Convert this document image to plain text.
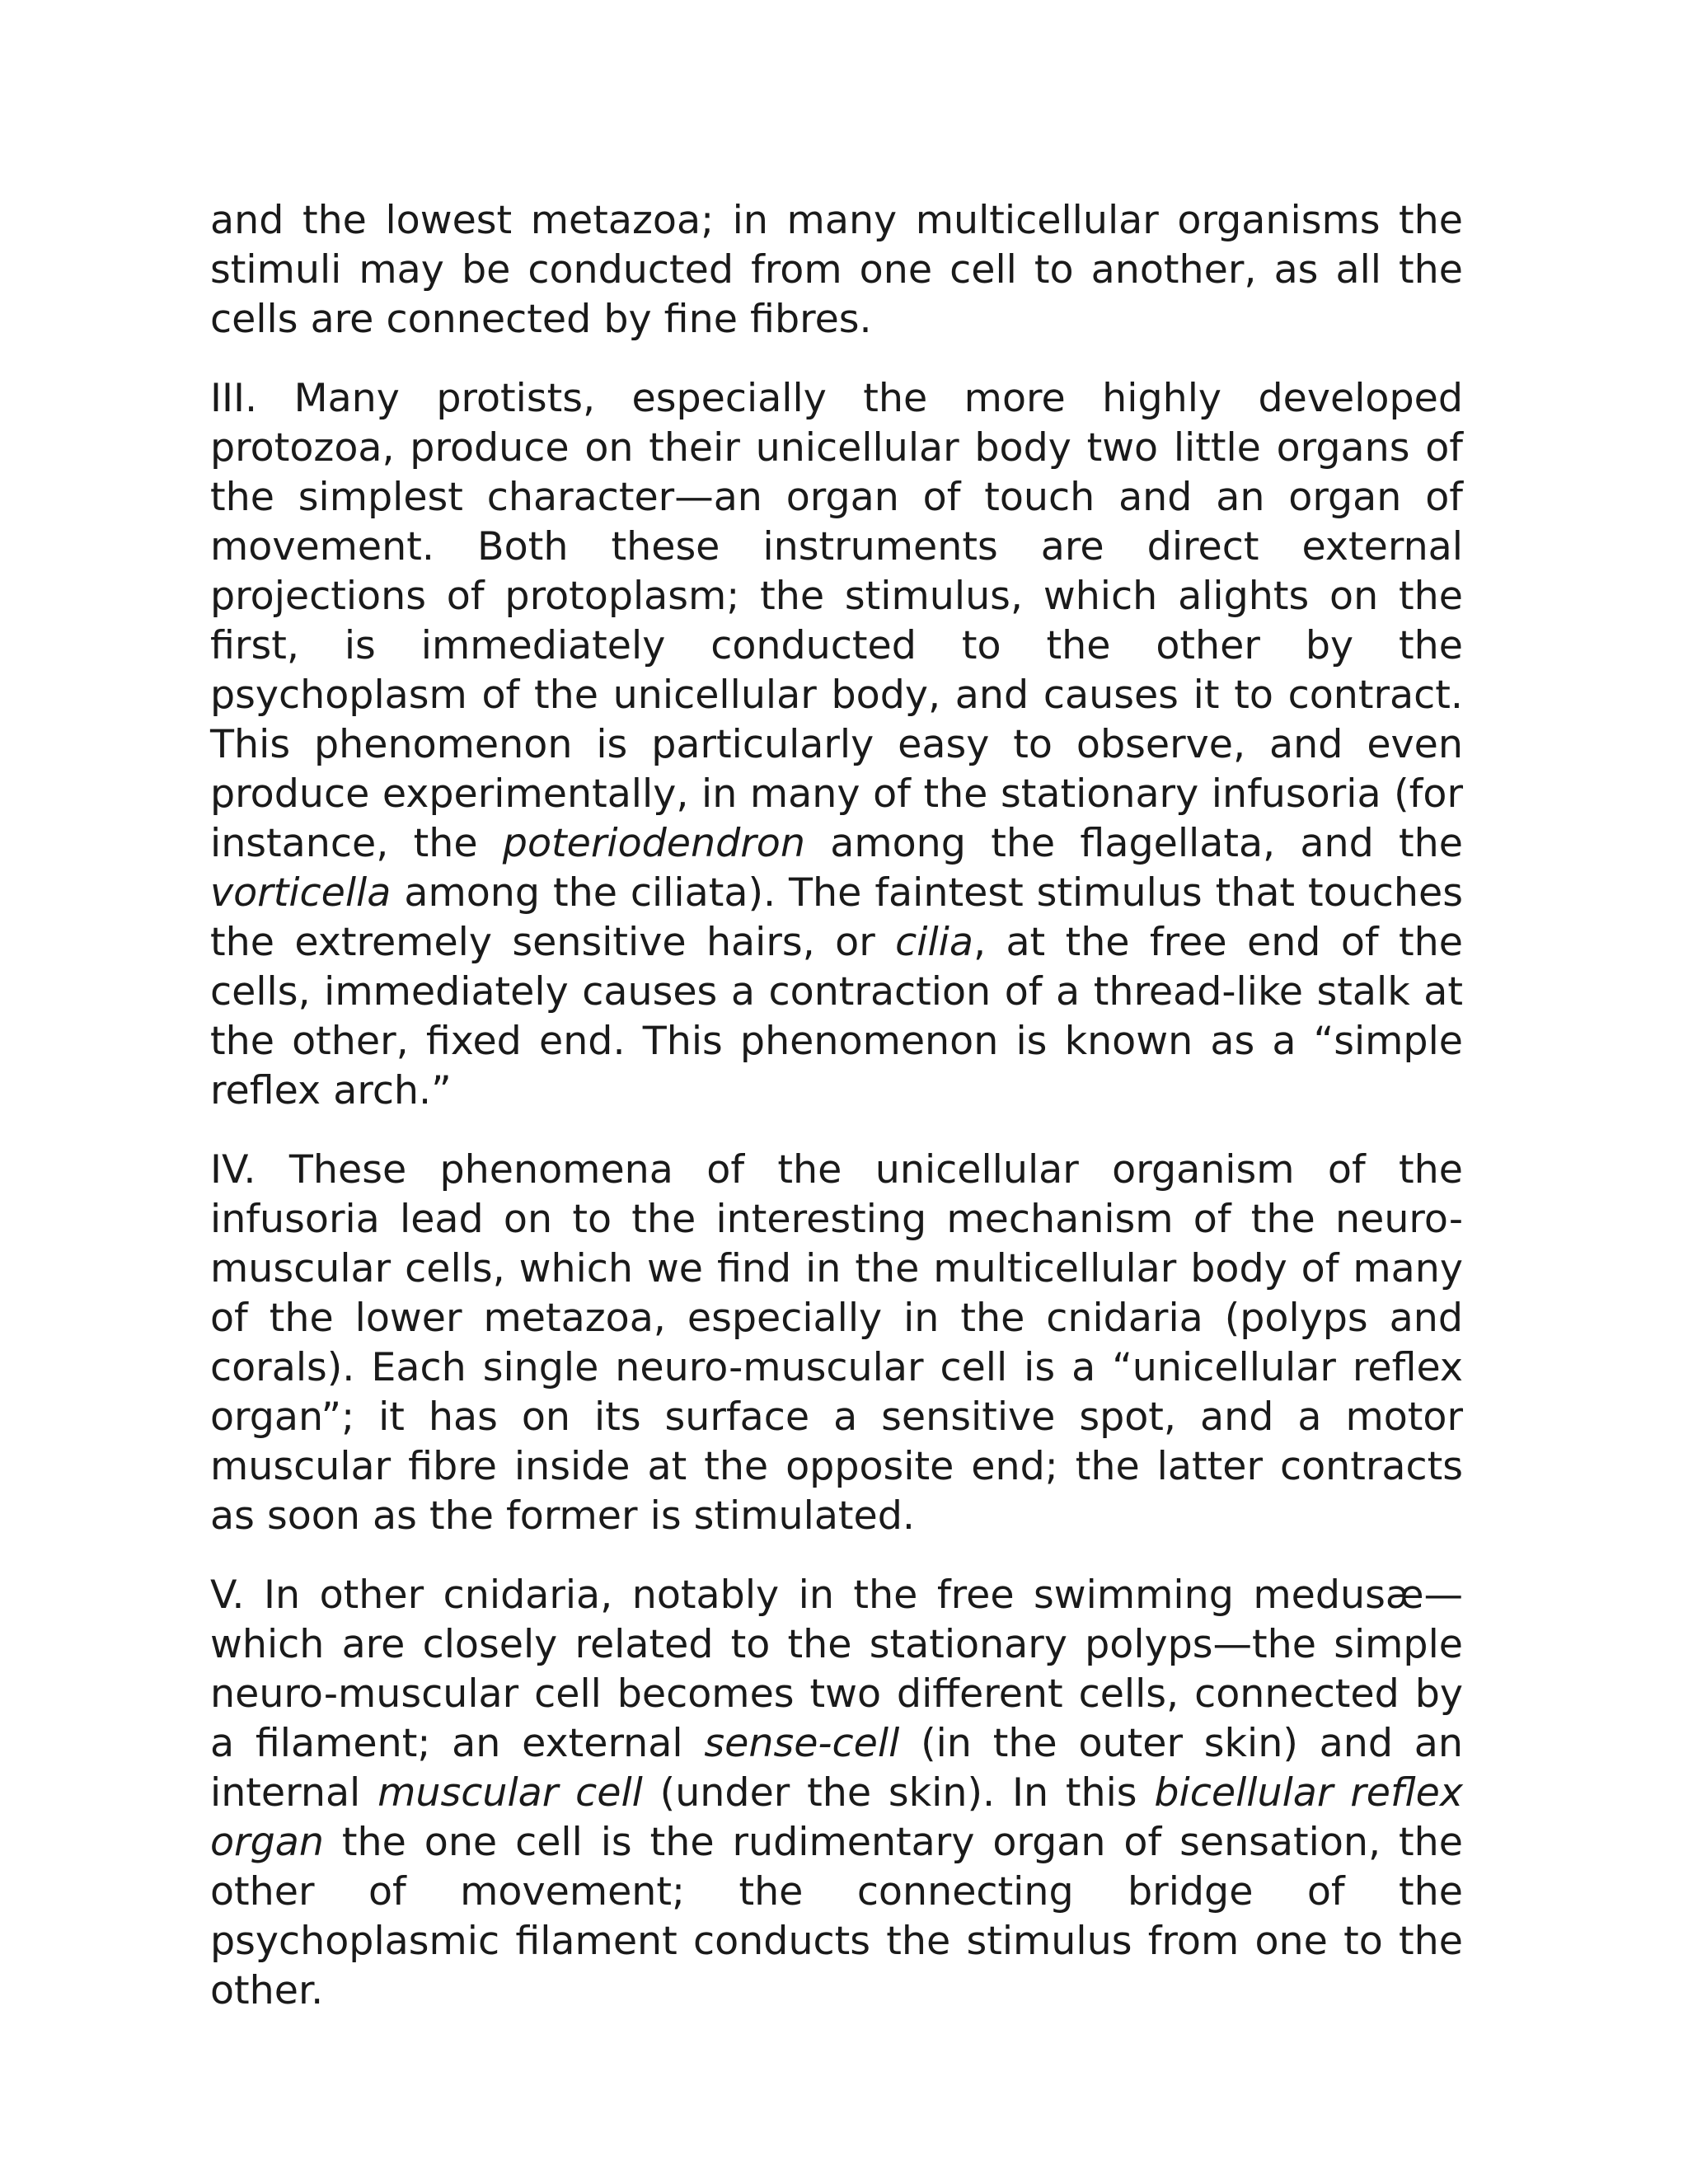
and the lowest metazoa; in many multicellular organisms the stimuli may be conducted from one cell to another, as all the cells are connected by fine fibres.

III. Many protists, especially the more highly developed protozoa, produce on their unicellular body two little organs of the simplest character—an organ of touch and an organ of movement. Both these instruments are direct external projections of protoplasm; the stimulus, which alights on the first, is immediately conducted to the other by the psychoplasm of the unicellular body, and causes it to contract. This phenomenon is particularly easy to observe, and even produce experimentally, in many of the stationary infusoria (for instance, the poteriodendron among the flagellata, and the vorticella among the ciliata). The faintest stimulus that touches the extremely sensitive hairs, or cilia, at the free end of the cells, immediately causes a contraction of a thread-like stalk at the other, fixed end. This phenomenon is known as a “simple reflex arch.”

IV. These phenomena of the unicellular organism of the infusoria lead on to the interesting mechanism of the neuro-muscular cells, which we find in the multicellular body of many of the lower metazoa, especially in the cnidaria (polyps and corals). Each single neuro-muscular cell is a “unicellular reflex organ”; it has on its surface a sensitive spot, and a motor muscular fibre inside at the opposite end; the latter contracts as soon as the former is stimulated.

V. In other cnidaria, notably in the free swimming medusæ—which are closely related to the stationary polyps—the simple neuro-muscular cell becomes two different cells, connected by a filament; an external sense-cell (in the outer skin) and an internal muscular cell (under the skin). In this bicellular reflex organ the one cell is the rudimentary organ of sensation, the other of movement; the connecting bridge of the psychoplasmic filament conducts the stimulus from one to the other.
